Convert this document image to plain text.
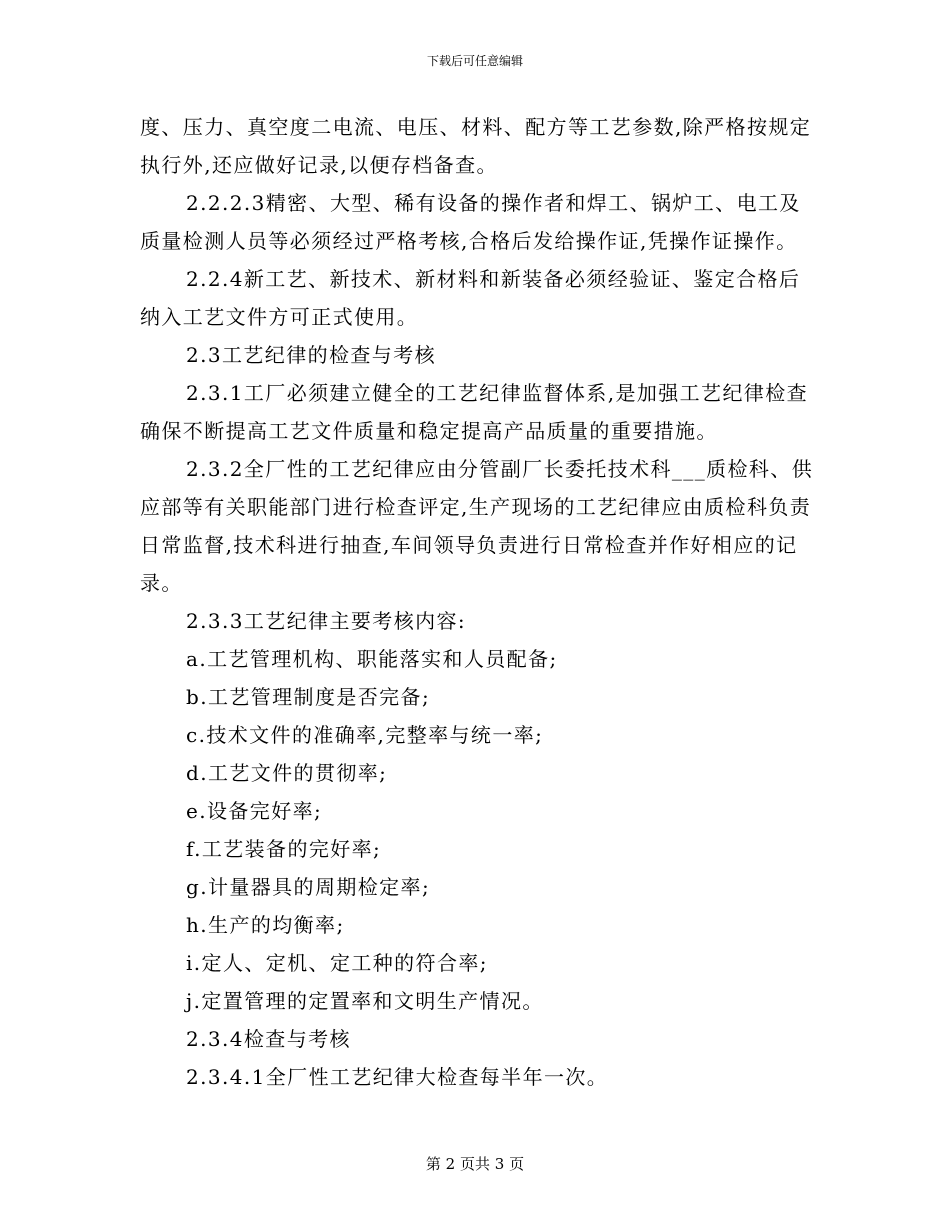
下载后可任意编辑

度、压力、真空度二电流、电压、材料、配方等工艺参数,除严格按规定执行外,还应做好记录,以便存档备查。

2.2.2.3精密、大型、稀有设备的操作者和焊工、锅炉工、电工及质量检测人员等必须经过严格考核,合格后发给操作证,凭操作证操作。

2.2.4新工艺、新技术、新材料和新装备必须经验证、鉴定合格后纳入工艺文件方可正式使用。

2.3工艺纪律的检查与考核

2.3.1工厂必须建立健全的工艺纪律监督体系,是加强工艺纪律检查确保不断提高工艺文件质量和稳定提高产品质量的重要措施。

2.3.2全厂性的工艺纪律应由分管副厂长委托技术科___质检科、供应部等有关职能部门进行检查评定,生产现场的工艺纪律应由质检科负责日常监督,技术科进行抽查,车间领导负责进行日常检查并作好相应的记录。

2.3.3工艺纪律主要考核内容:

a.工艺管理机构、职能落实和人员配备;

b.工艺管理制度是否完备;

c.技术文件的准确率,完整率与统一率;

d.工艺文件的贯彻率;

e.设备完好率;

f.工艺装备的完好率;

g.计量器具的周期检定率;

h.生产的均衡率;

i.定人、定机、定工种的符合率;

j.定置管理的定置率和文明生产情况。

2.3.4检查与考核

2.3.4.1全厂性工艺纪律大检查每半年一次。

第 2 页共 3 页
